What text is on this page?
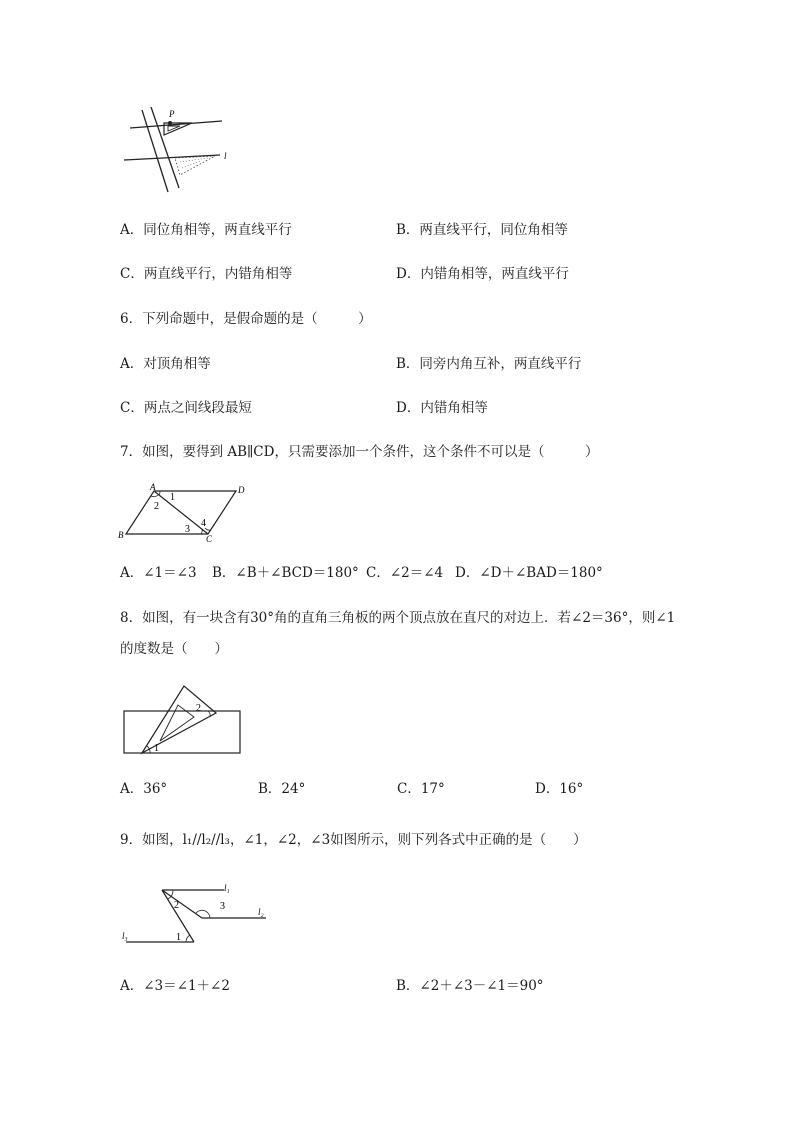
P
l
A．同位角相等，两直线平行	B．两直线平行，同位角相等
C．两直线平行，内错角相等	D．内错角相等，两直线平行
6．下列命题中，是假命题的是（　　　）
A．对顶角相等	B．同旁内角互补，两直线平行
C．两点之间线段最短	D．内错角相等
7．如图，要得到 AB∥CD，只需要添加一个条件，这个条件不可以是（　　　）
A	D
B	C
1
2
3
4
A．∠1＝∠3 B．∠B＋∠BCD＝180° C．∠2＝∠4 D．∠D＋∠BAD＝180°
8．如图，有一块含有30°角的直角三角板的两个顶点放在直尺的对边上．若∠2＝36°，则∠1
的度数是（　　）
2
1
A．36°	B．24°	C．17°	D．16°
9．如图，l₁//l₂//l₃，∠1，∠2，∠3如图所示，则下列各式中正确的是（　　）
l₁
l₂
l₃	1
2	3
A．∠3＝∠1＋∠2	B．∠2＋∠3－∠1＝90°
